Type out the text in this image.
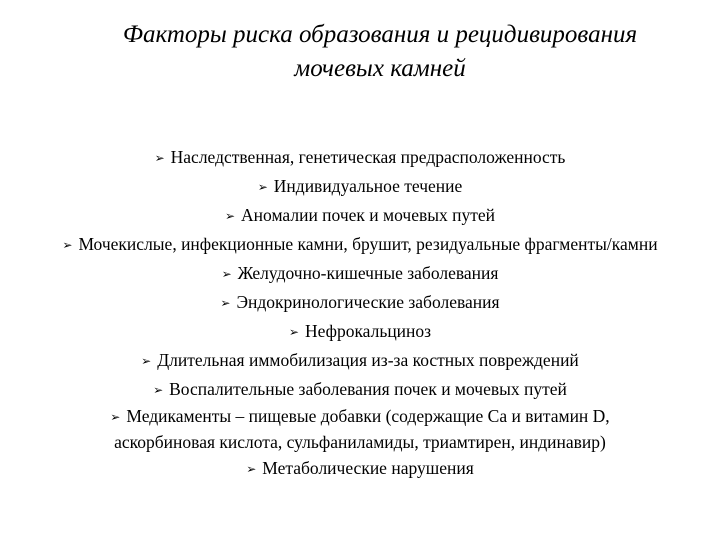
Факторы риска образования и рецидивирования
мочевых камней
➢ Наследственная, генетическая предрасположенность
➢ Индивидуальное течение
➢ Аномалии почек и мочевых путей
➢ Мочекислые, инфекционные камни, брушит, резидуальные фрагменты/камни
➢ Желудочно-кишечные заболевания
➢ Эндокринологические заболевания
➢ Нефрокальциноз
➢ Длительная иммобилизация из-за костных повреждений
➢ Воспалительные заболевания почек и мочевых путей
➢ Медикаменты – пищевые добавки (содержащие Са и витамин D,
аскорбиновая кислота, сульфаниламиды, триамтирен, индинавир)
➢ Метаболические нарушения
